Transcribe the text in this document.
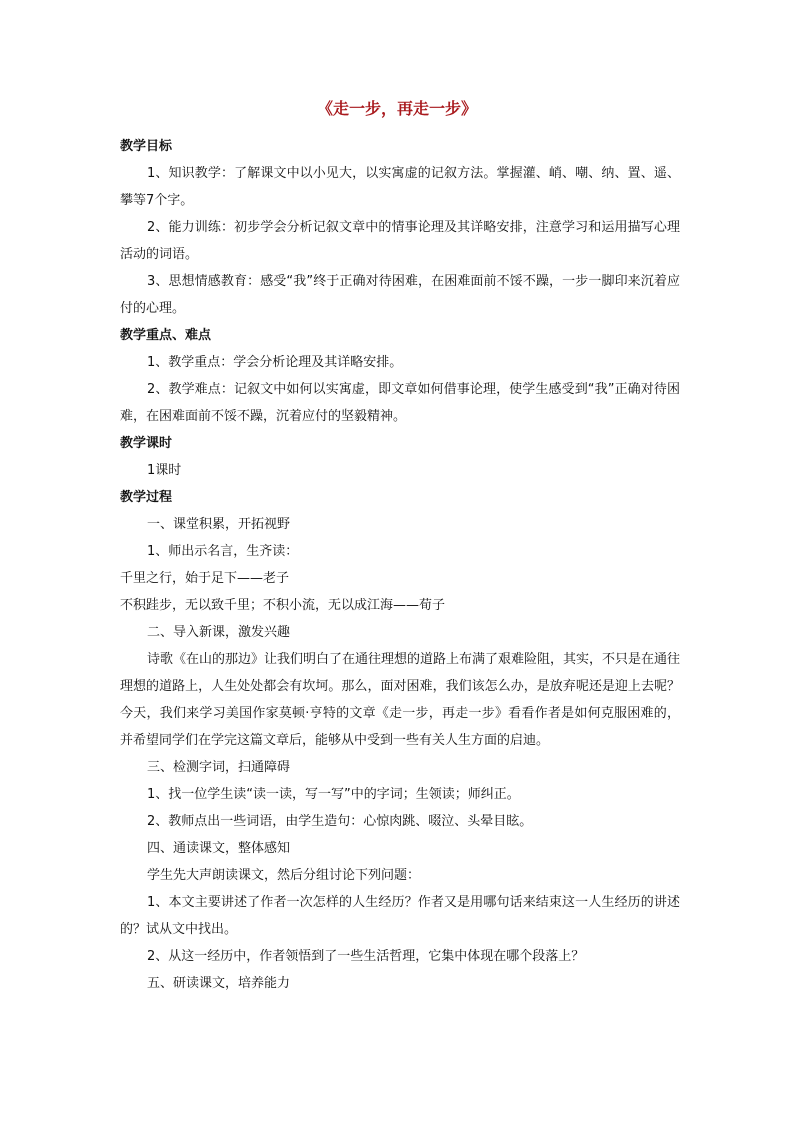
《走一步，再走一步》

教学目标

1、知识教学：了解课文中以小见大，以实寓虚的记叙方法。掌握灌、峭、嘲、纳、置、遥、攀等7个字。

2、能力训练：初步学会分析记叙文章中的情事论理及其详略安排，注意学习和运用描写心理活动的词语。

3、思想情感教育：感受“我”终于正确对待困难，在困难面前不馁不躁，一步一脚印来沉着应付的心理。

教学重点、难点

1、教学重点：学会分析论理及其详略安排。

2、教学难点：记叙文中如何以实寓虚，即文章如何借事论理，使学生感受到“我”正确对待困难，在困难面前不馁不躁，沉着应付的坚毅精神。

教学课时

1课时

教学过程

一、课堂积累，开拓视野

1、师出示名言，生齐读：

千里之行，始于足下——老子

不积跬步，无以致千里；不积小流，无以成江海——荀子

二、导入新课，激发兴趣

诗歌《在山的那边》让我们明白了在通往理想的道路上布满了艰难险阻，其实，不只是在通往理想的道路上，人生处处都会有坎坷。那么，面对困难，我们该怎么办，是放弃呢还是迎上去呢？今天，我们来学习美国作家莫顿·亨特的文章《走一步，再走一步》看看作者是如何克服困难的，并希望同学们在学完这篇文章后，能够从中受到一些有关人生方面的启迪。

三、检测字词，扫通障碍

1、找一位学生读“读一读，写一写”中的字词；生领读；师纠正。

2、教师点出一些词语，由学生造句：心惊肉跳、啜泣、头晕目眩。

四、通读课文，整体感知

学生先大声朗读课文，然后分组讨论下列问题：

1、本文主要讲述了作者一次怎样的人生经历？作者又是用哪句话来结束这一人生经历的讲述的？试从文中找出。

2、从这一经历中，作者领悟到了一些生活哲理，它集中体现在哪个段落上？

五、研读课文，培养能力
